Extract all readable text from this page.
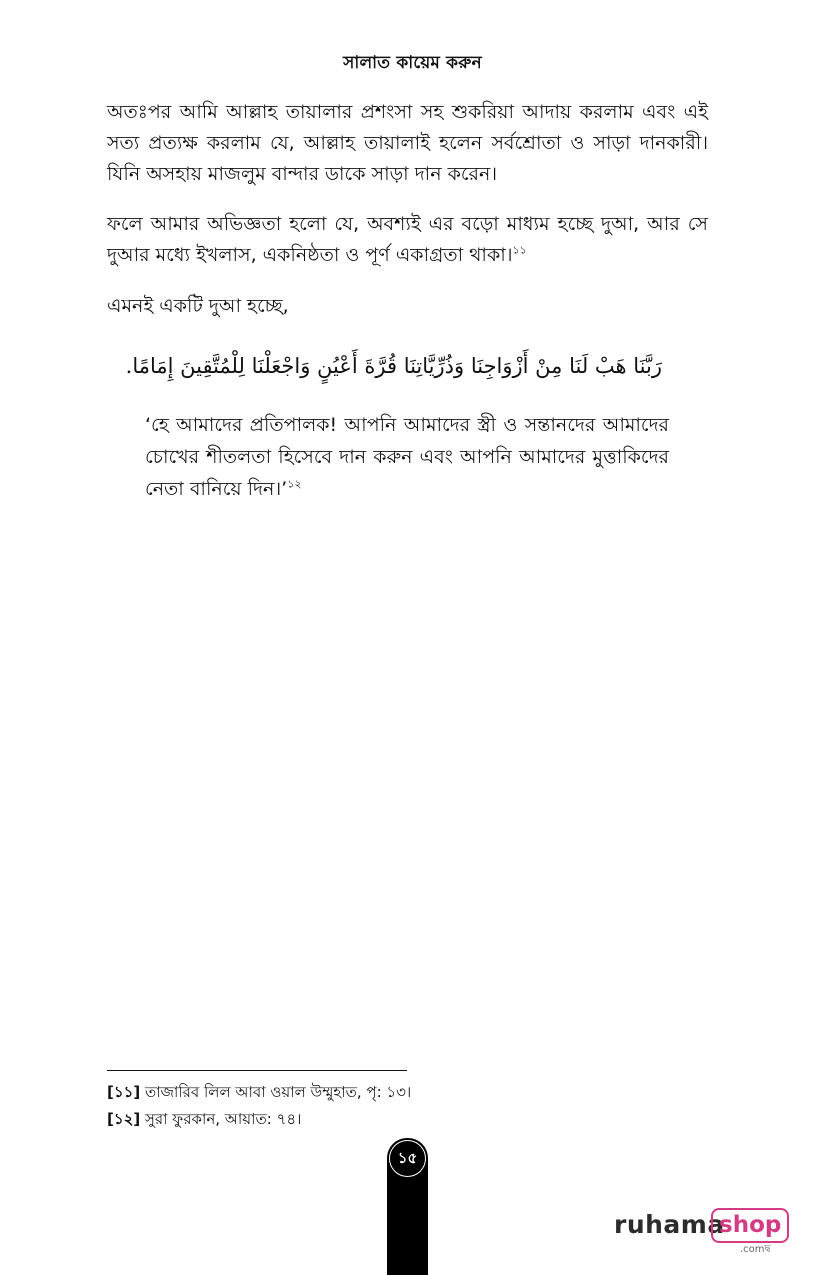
সালাত কায়েম করুন

অতঃপর আমি আল্লাহ তায়ালার প্রশংসা সহ শুকরিয়া আদায় করলাম এবং এই সত্য প্রত্যক্ষ করলাম যে, আল্লাহ তায়ালাই হলেন সর্বশ্রোতা ও সাড়া দানকারী। যিনি অসহায় মাজলুম বান্দার ডাকে সাড়া দান করেন।

ফলে আমার অভিজ্ঞতা হলো যে, অবশ্যই এর বড়ো মাধ্যম হচ্ছে দুআ, আর সে দুআর মধ্যে ইখলাস, একনিষ্ঠতা ও পূর্ণ একাগ্রতা থাকা।$^{১১}$

এমনই একটি দুআ হচ্ছে,

رَبَّنَا هَبْ لَنَا مِنْ أَزْوَاجِنَا وَذُرِّيَّاتِنَا قُرَّةَ أَعْيُنٍ وَاجْعَلْنَا لِلْمُتَّقِينَ إِمَامًا.

‘হে আমাদের প্রতিপালক! আপনি আমাদের স্ত্রী ও সন্তানদের আমাদের চোখের শীতলতা হিসেবে দান করুন এবং আপনি আমাদের মুত্তাকিদের নেতা বানিয়ে দিন।’$^{১২}$

[১১] তাজারিব লিল আবা ওয়াল উম্মুহাত, পৃ: ১৩।
[১২] সুরা ফুরকান, আয়াত: ৭৪।
১৫
ruhama
shop
.comদ্ব
